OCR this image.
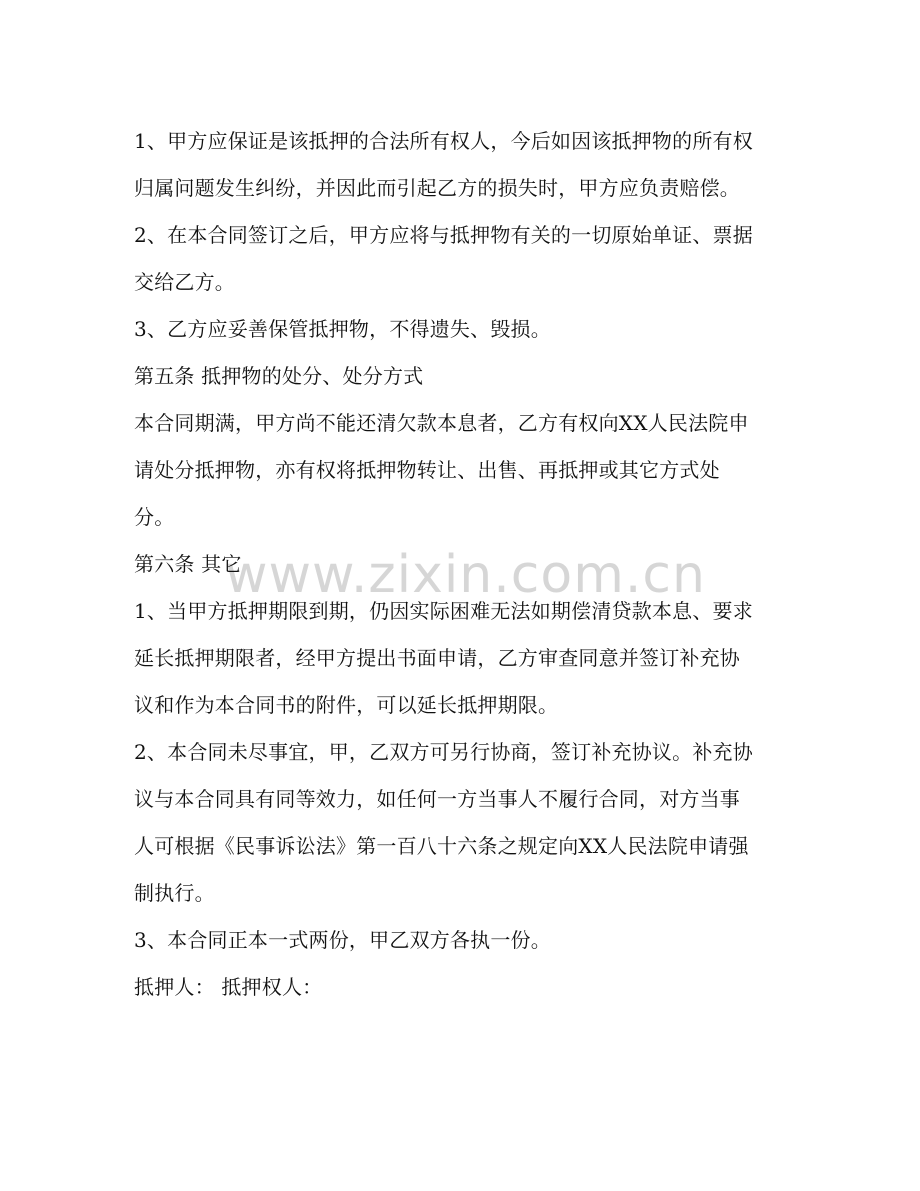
www.zixin.com.cn
1、甲方应保证是该抵押的合法所有权人，今后如因该抵押物的所有权
归属问题发生纠纷，并因此而引起乙方的损失时，甲方应负责赔偿。
2、在本合同签订之后，甲方应将与抵押物有关的一切原始单证、票据
交给乙方。
3、乙方应妥善保管抵押物，不得遗失、毁损。
第五条 抵押物的处分、处分方式
本合同期满，甲方尚不能还清欠款本息者，乙方有权向XX人民法院申
请处分抵押物，亦有权将抵押物转让、出售、再抵押或其它方式处
分。
第六条 其它
1、当甲方抵押期限到期，仍因实际困难无法如期偿清贷款本息、要求
延长抵押期限者，经甲方提出书面申请，乙方审查同意并签订补充协
议和作为本合同书的附件，可以延长抵押期限。
2、本合同未尽事宜，甲，乙双方可另行协商，签订补充协议。补充协
议与本合同具有同等效力，如任何一方当事人不履行合同，对方当事
人可根据《民事诉讼法》第一百八十六条之规定向XX人民法院申请强
制执行。
3、本合同正本一式两份，甲乙双方各执一份。
抵押人： 抵押权人：
